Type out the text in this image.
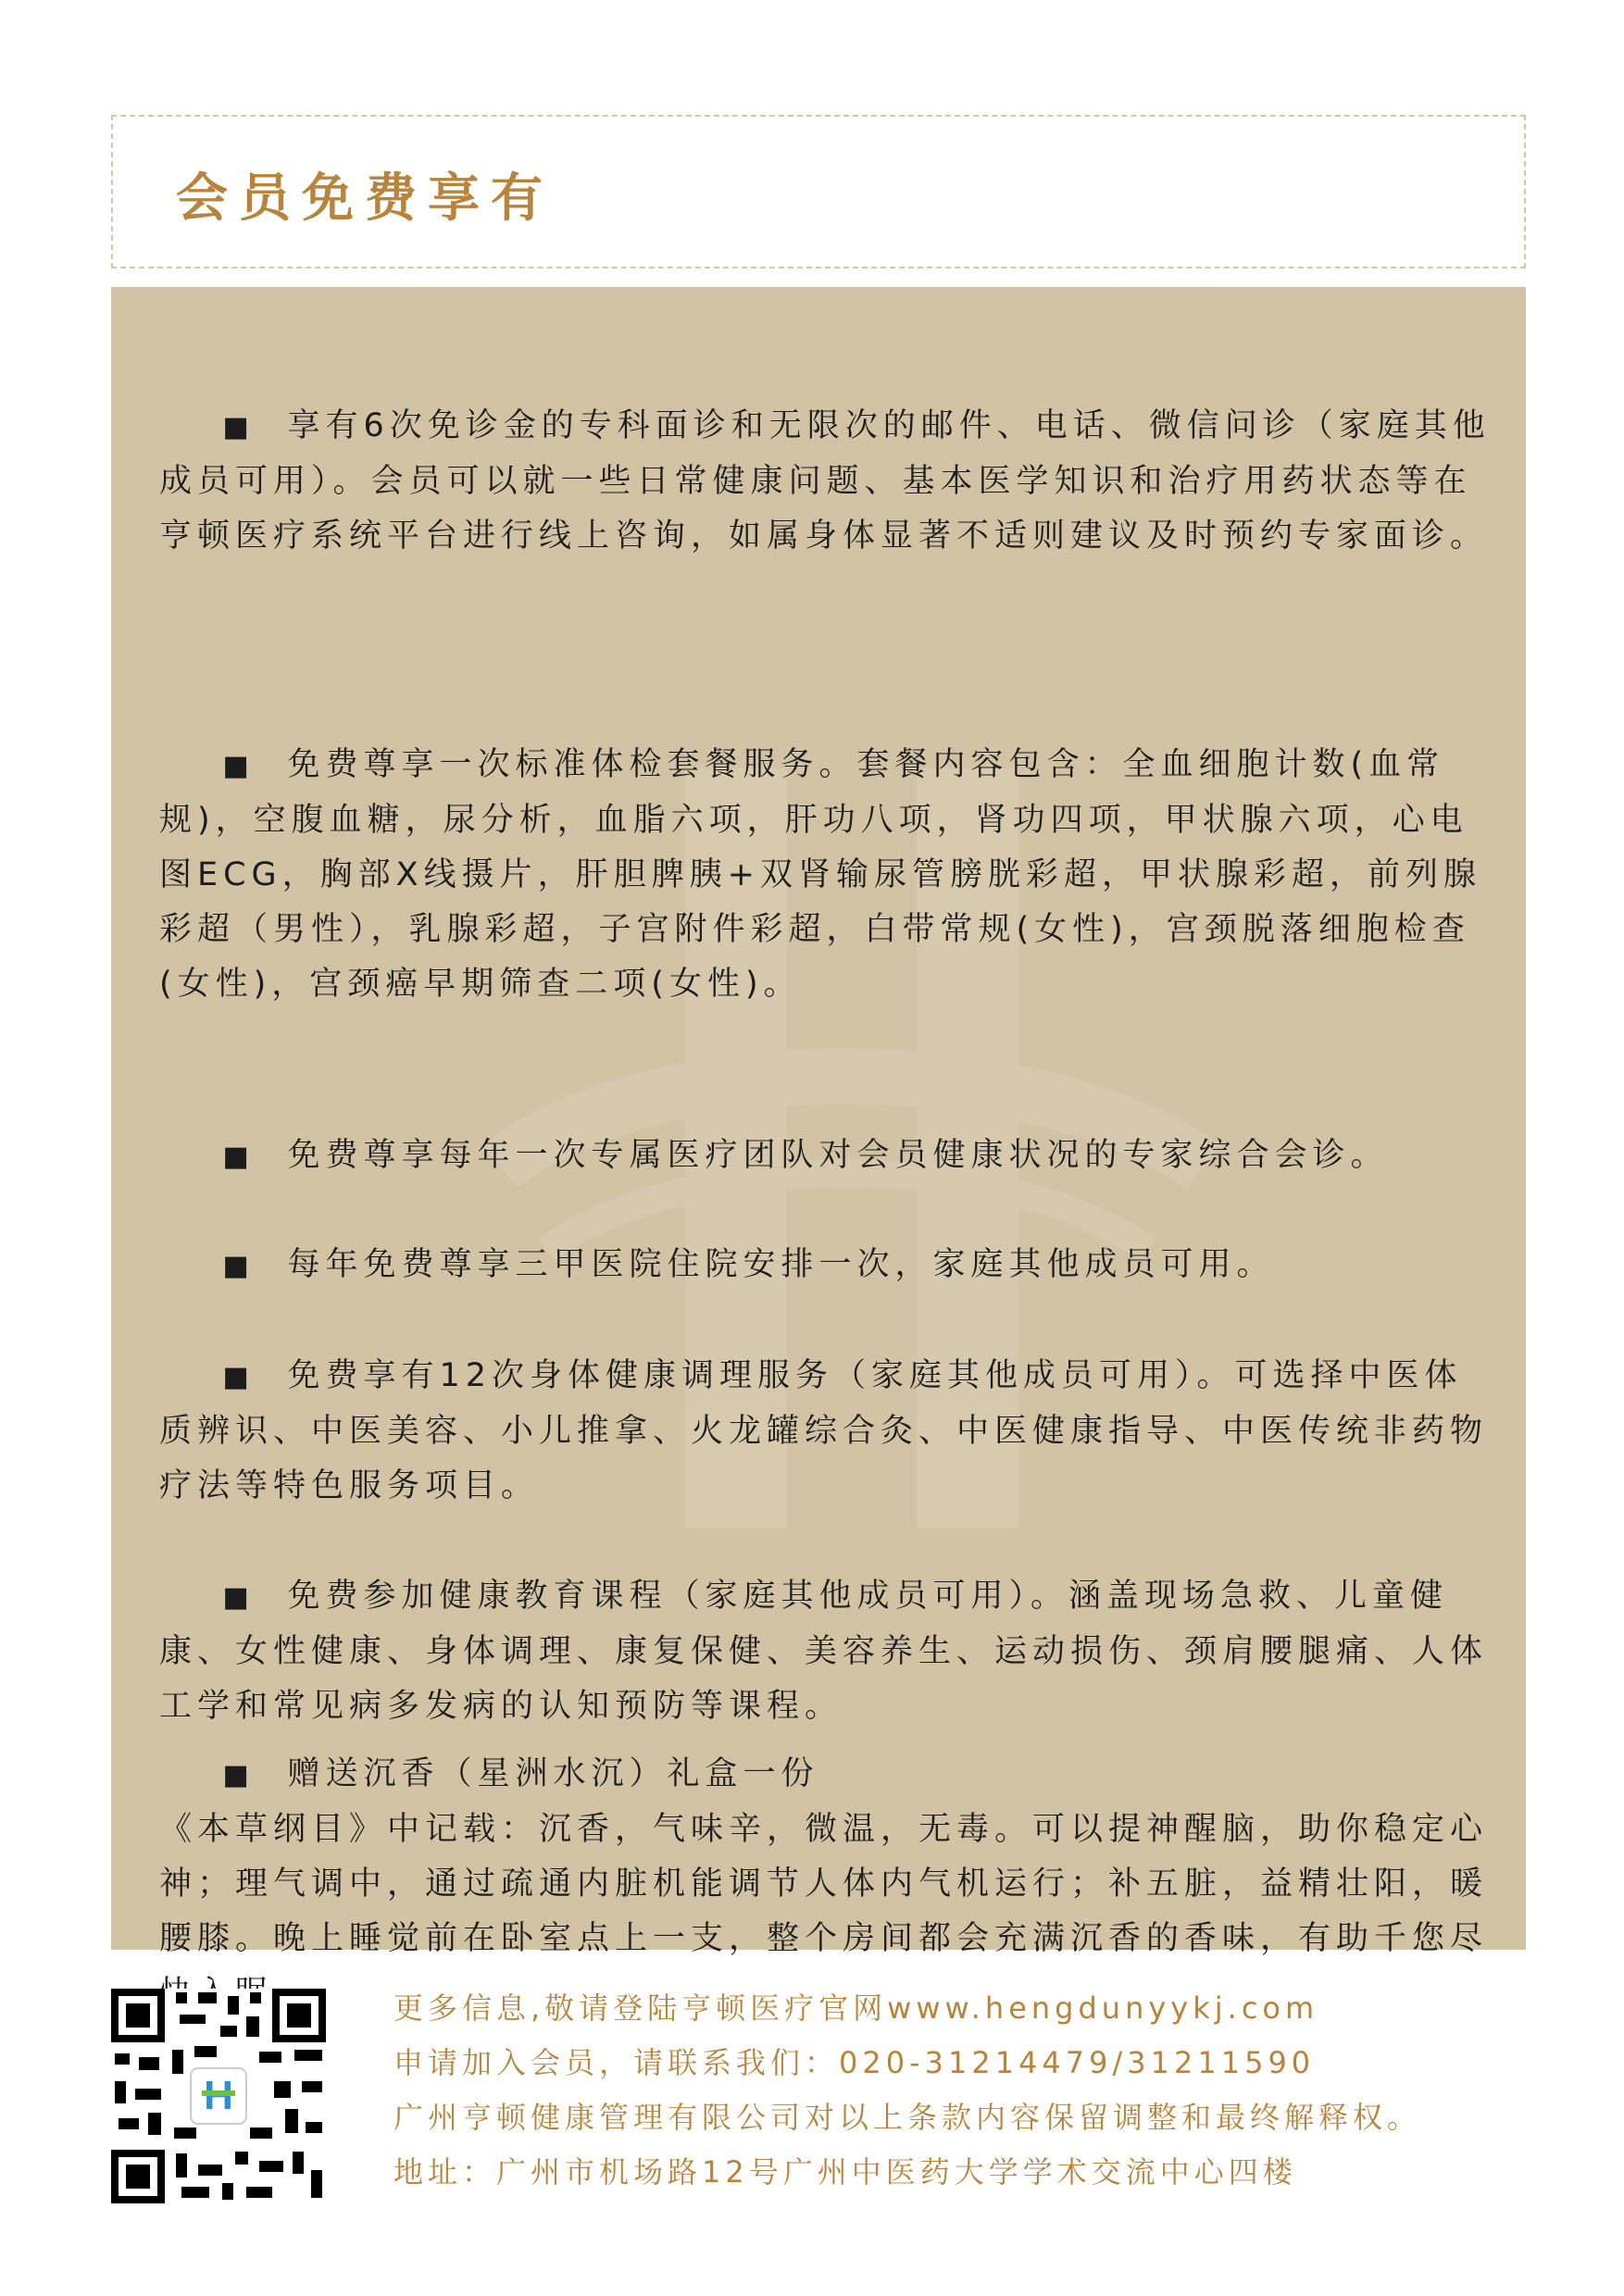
会员免费享有

■ 享有6次免诊金的专科面诊和无限次的邮件、电话、微信问诊（家庭其他成员可用）。会员可以就一些日常健康问题、基本医学知识和治疗用药状态等在亨顿医疗系统平台进行线上咨询，如属身体显著不适则建议及时预约专家面诊。

■ 免费尊享一次标准体检套餐服务。套餐内容包含：全血细胞计数(血常规)，空腹血糖，尿分析，血脂六项，肝功八项，肾功四项，甲状腺六项，心电图ECG，胸部X线摄片，肝胆脾胰+双肾输尿管膀胱彩超，甲状腺彩超，前列腺彩超（男性），乳腺彩超，子宫附件彩超，白带常规(女性)，宫颈脱落细胞检查(女性)，宫颈癌早期筛查二项(女性)。

■ 免费尊享每年一次专属医疗团队对会员健康状况的专家综合会诊。

■ 每年免费尊享三甲医院住院安排一次，家庭其他成员可用。

■ 免费享有12次身体健康调理服务（家庭其他成员可用）。可选择中医体质辨识、中医美容、小儿推拿、火龙罐综合灸、中医健康指导、中医传统非药物疗法等特色服务项目。

■ 免费参加健康教育课程（家庭其他成员可用）。涵盖现场急救、儿童健康、女性健康、身体调理、康复保健、美容养生、运动损伤、颈肩腰腿痛、人体工学和常见病多发病的认知预防等课程。

■ 赠送沉香（星洲水沉）礼盒一份
《本草纲目》中记载：沉香，气味辛，微温，无毒。可以提神醒脑，助你稳定心神；理气调中，通过疏通内脏机能调节人体内气机运行；补五脏，益精壮阳，暖腰膝。晚上睡觉前在卧室点上一支，整个房间都会充满沉香的香味，有助千您尽

更多信息,敬请登陆亨顿医疗官网www.hengdunyykj.com
申请加入会员，请联系我们：020-31214479/31211590
广州亨顿健康管理有限公司对以上条款内容保留调整和最终解释权。
地址：广州市机场路12号广州中医药大学学术交流中心四楼
